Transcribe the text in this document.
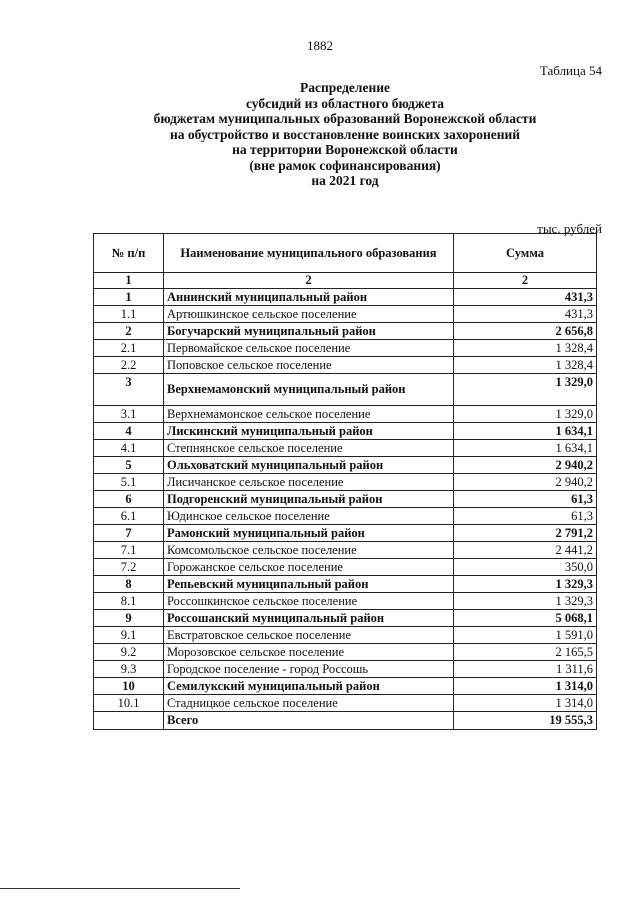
1882
Таблица 54
Распределение
субсидий из областного бюджета
бюджетам муниципальных образований Воронежской области
на обустройство и восстановление воинских захоронений
на территории Воронежской области
(вне рамок софинансирования)
на 2021 год
тыс. рублей
№ п/п	Наименование муниципального образования	Сумма
1	2	2
1	Аннинский муниципальный район	431,3
1.1	Артюшкинское сельское поселение	431,3
2	Богучарский муниципальный район	2 656,8
2.1	Первомайское сельское поселение	1 328,4
2.2	Поповское сельское поселение	1 328,4
3	Верхнемамонский муниципальный район	1 329,0
3.1	Верхнемамонское сельское поселение	1 329,0
4	Лискинский муниципальный район	1 634,1
4.1	Степнянское сельское поселение	1 634,1
5	Ольховатский муниципальный район	2 940,2
5.1	Лисичанское сельское поселение	2 940,2
6	Подгоренский муниципальный район	61,3
6.1	Юдинское сельское поселение	61,3
7	Рамонский муниципальный район	2 791,2
7.1	Комсомольское сельское поселение	2 441,2
7.2	Горожанское сельское поселение	350,0
8	Репьевский муниципальный район	1 329,3
8.1	Россошкинское сельское поселение	1 329,3
9	Россошанский муниципальный район	5 068,1
9.1	Евстратовское сельское поселение	1 591,0
9.2	Морозовское сельское поселение	2 165,5
9.3	Городское поселение - город Россошь	1 311,6
10	Семилукский муниципальный район	1 314,0
10.1	Стадницкое сельское поселение	1 314,0
	Всего	19 555,3
